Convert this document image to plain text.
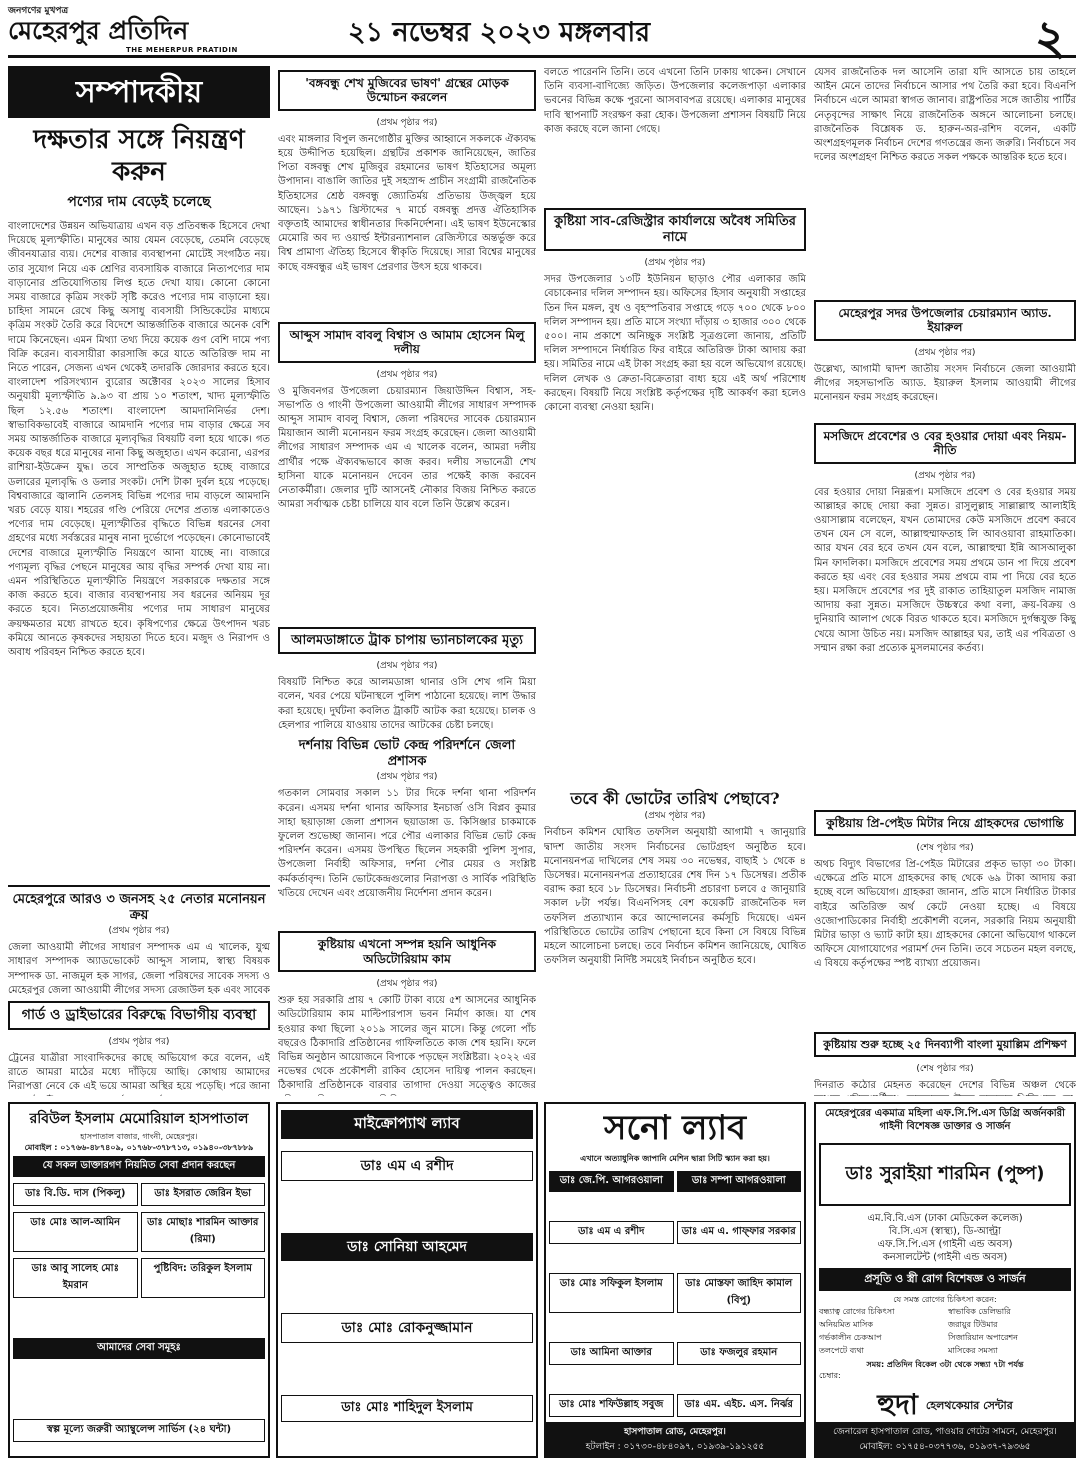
জনগণের মুখপত্র
মেহেরপুর প্রতিদিন
THE MEHERPUR PRATIDIN
২১ নভেম্বর ২০২৩ মঙ্গলবার	২
সম্পাদকীয়
দক্ষতার সঙ্গে নিয়ন্ত্রণ করুন
পণ্যের দাম বেড়েই চলেছে
বাংলাদেশের উন্নয়ন অভিযাত্রায় এখন বড় প্রতিবন্ধক হিসেবে দেখা দিয়েছে মূল্যস্ফীতি। মানুষের আয় যেমন বেড়েছে, তেমনি বেড়েছে জীবনযাত্রার ব্যয়। দেশের বাজার ব্যবস্থাপনা মোটেই সংগঠিত নয়। তার সুযোগ নিয়ে এক শ্রেণির ব্যবসায়িক বাজারে নিত্যপণ্যের দাম বাড়ানোর প্রতিযোগিতায় লিপ্ত হতে দেখা যায়। কোনো কোনো সময় বাজারে কৃত্রিম সংকট সৃষ্টি করেও পণ্যের দাম বাড়ানো হয়। চাহিদা সামনে রেখে কিছু অসাধু ব্যবসায়ী সিন্ডিকেটের মাধ্যমে কৃত্রিম সংকট তৈরি করে বিদেশে আন্তর্জাতিক বাজারে অনেক বেশি দামে কিনেছেন। এমন মিথ্যা তথ্য দিয়ে কয়েক গুণ বেশি দামে পণ্য বিক্রি করেন। ব্যবসায়ীরা কারসাজি করে যাতে অতিরিক্ত দাম না নিতে পারেন, সেজন্য এখন থেকেই তদারকি জোরদার করতে হবে। বাংলাদেশ পরিসংখ্যান ব্যুরোর অক্টোবর ২০২৩ সালের হিসাব অনুযায়ী মূল্যস্ফীতি ৯.৯৩ বা প্রায় ১০ শতাংশ, খাদ্য মূল্যস্ফীতি ছিল ১২.৫৬ শতাংশ। বাংলাদেশ আমদানিনির্ভর দেশ। স্বাভাবিকভাবেই বাজারে আমদানি পণ্যের দাম বাড়ার ক্ষেত্রে সব সময় আন্তর্জাতিক বাজারে মূল্যবৃদ্ধির বিষয়টি বলা হয়ে থাকে। গত কয়েক বছর ধরে মানুষের নানা কিছু অজুহাত। এখন করোনা, এরপর রাশিয়া-ইউক্রেন যুদ্ধ। তবে সাম্প্রতিক অজুহাত হচ্ছে বাজারে ডলারের মূল্যবৃদ্ধি ও ডলার সংকট। দেশি টাকা দুর্বল হয়ে পড়েছে। বিশ্ববাজারে জ্বালানি তেলসহ বিভিন্ন পণ্যের দাম বাড়লে আমদানি খরচ বেড়ে যায়। শহরের গণ্ডি পেরিয়ে দেশের প্রত্যন্ত এলাকাতেও পণ্যের দাম বেড়েছে। মূল্যস্ফীতির বৃদ্ধিতে বিভিন্ন ধরনের সেবা গ্রহণের মধ্যে সর্বস্তরের মানুষ নানা দুর্ভোগে পড়েছেন। কোনোভাবেই দেশের বাজারে মূল্যস্ফীতি নিয়ন্ত্রণে আনা যাচ্ছে না। বাজারে পণ্যমূল্য বৃদ্ধির পেছনে মানুষের আয় বৃদ্ধির সম্পর্ক দেখা যায় না। এমন পরিস্থিতিতে মূল্যস্ফীতি নিয়ন্ত্রণে সরকারকে দক্ষতার সঙ্গে কাজ করতে হবে। বাজার ব্যবস্থাপনায় সব ধরনের অনিয়ম দূর করতে হবে। নিত্যপ্রয়োজনীয় পণ্যের দাম সাধারণ মানুষের ক্রয়ক্ষমতার মধ্যে রাখতে হবে। কৃষিপণ্যের ক্ষেত্রে উৎপাদন খরচ কমিয়ে আনতে কৃষকদের সহায়তা দিতে হবে। মজুদ ও নিরাপদ ও অবাধ পরিবহন নিশ্চিত করতে হবে।
মেহেরপুরে আরও ৩ জনসহ ২৫ নেতার মনোনয়ন ক্রয়
(প্রথম পৃষ্ঠার পর)
জেলা আওয়ামী লীগের সাধারণ সম্পাদক এম এ খালেক, যুগ্ম সাধারণ সম্পাদক অ্যাডভোকেট আব্দুস সালাম, স্বাস্থ্য বিষয়ক সম্পাদক ডা. নাজমুল হক সাগর, জেলা পরিষদের সাবেক সদস্য ও মেহেরপুর জেলা আওয়ামী লীগের সদস্য রেজাউল হক এবং সাবেক
গার্ড ও ড্রাইভারের বিরুদ্ধে বিভাগীয় ব্যবস্থা
(প্রথম পৃষ্ঠার পর)
ট্রেনের যাত্রীরা সাংবাদিকদের কাছে অভিযোগ করে বলেন, এই রাতে আমরা মাঠের মধ্যে দাঁড়িয়ে আছি। কোথায় আমাদের নিরাপত্তা নেবে কে এই ভয়ে আমরা অস্থির হয়ে পড়েছি। পরে জানা
'বঙ্গবন্ধু শেখ মুজিবের ভাষণ' গ্রন্থের মোড়ক উন্মোচন করলেন
(প্রথম পৃষ্ঠার পর)
এবং মাঙ্গলার বিপুল জনগোষ্ঠীর মুক্তির আহ্বানে সকলকে ঐক্যবদ্ধ হয়ে উদ্দীপিত হয়েছিল। গ্রন্থটির প্রকাশক জানিয়েছেন, জাতির পিতা বঙ্গবন্ধু শেখ মুজিবুর রহমানের ভাষণ ইতিহাসের অমূল্য উপাদান। বাঙালি জাতির দুই সহস্রাব্দ প্রাচীন সংগ্রামী রাজনৈতিক ইতিহাসের শ্রেষ্ঠ বঙ্গবন্ধু জ্যোতির্ময় প্রতিভায় উজ্জ্বল হয়ে আছেন। ১৯৭১ খ্রিস্টাব্দের ৭ মার্চে বঙ্গবন্ধু প্রদত্ত ঐতিহাসিক বক্তৃতাই আমাদের স্বাধীনতার দিকনির্দেশনা। এই ভাষণ ইউনেস্কোর মেমোরি অব দ্য ওয়ার্ল্ড ইন্টারন্যাশনাল রেজিস্টারে অন্তর্ভুক্ত করে বিশ্ব প্রামাণ্য ঐতিহ্য হিসেবে স্বীকৃতি দিয়েছে। সারা বিশ্বের মানুষের কাছে বঙ্গবন্ধুর এই ভাষণ প্রেরণার উৎস হয়ে থাকবে।
আব্দুস সামাদ বাবলু বিশ্বাস ও আমাম হোসেন মিলু দলীয়
(প্রথম পৃষ্ঠার পর)
ও মুজিবনগর উপজেলা চেয়ারম্যান জিয়াউদ্দিন বিশ্বাস, সহ-সভাপতি ও গাংনী উপজেলা আওয়ামী লীগের সাধারণ সম্পাদক আব্দুস সামাদ বাবলু বিশ্বাস, জেলা পরিষদের সাবেক চেয়ারম্যান মিয়াজান আলী মনোনয়ন ফরম সংগ্রহ করেছেন। জেলা আওয়ামী লীগের সাধারণ সম্পাদক এম এ খালেক বলেন, আমরা দলীয় প্রার্থীর পক্ষে ঐক্যবদ্ধভাবে কাজ করব। দলীয় সভানেত্রী শেখ হাসিনা যাকে মনোনয়ন দেবেন তার পক্ষেই কাজ করবেন নেতাকর্মীরা। জেলার দুটি আসনেই নৌকার বিজয় নিশ্চিত করতে আমরা সর্বাত্মক চেষ্টা চালিয়ে যাব বলে তিনি উল্লেখ করেন।
আলমডাঙ্গাতে ট্রাক চাপায় ভ্যানচালকের মৃত্যু
(প্রথম পৃষ্ঠার পর)
বিষয়টি নিশ্চিত করে আলমডাঙ্গা থানার ওসি শেখ গনি মিয়া বলেন, খবর পেয়ে ঘটনাস্থলে পুলিশ পাঠানো হয়েছে। লাশ উদ্ধার করা হয়েছে। দুর্ঘটনা কবলিত ট্রাকটি আটক করা হয়েছে। চালক ও হেলপার পালিয়ে যাওয়ায় তাদের আটকের চেষ্টা চলছে।
দর্শনায় বিভিন্ন ভোট কেন্দ্র পরিদর্শনে জেলা প্রশাসক
(প্রথম পৃষ্ঠার পর)
গতকাল সোমবার সকাল ১১ টার দিকে দর্শনা থানা পরিদর্শন করেন। এসময় দর্শনা থানার অফিসার ইনচার্জ ওসি বিপ্লব কুমার সাহা ছয়াড়াঙ্গা জেলা প্রশাসন ছয়াডাঙ্গা ড. কিসিঞ্জার চাকমাকে ফুলেল শুভেচ্ছা জানান। পরে পৌর এলাকার বিভিন্ন ভোট কেন্দ্র পরিদর্শন করেন। এসময় উপস্থিত ছিলেন সহকারী পুলিশ সুপার, উপজেলা নির্বাহী অফিসার, দর্শনা পৌর মেয়র ও সংশ্লিষ্ট কর্মকর্তাবৃন্দ। তিনি ভোটকেন্দ্রগুলোর নিরাপত্তা ও সার্বিক পরিস্থিতি খতিয়ে দেখেন এবং প্রয়োজনীয় নির্দেশনা প্রদান করেন।
কুষ্টিয়ায় এখনো সম্পন্ন হয়নি আধুনিক অডিটোরিয়াম কাম
(প্রথম পৃষ্ঠার পর)
শুরু হয় সরকারি প্রায় ৭ কোটি টাকা ব্যয়ে ৫শ আসনের আধুনিক অডিটোরিয়াম কাম মাল্টিপারপাস ভবন নির্মাণ কাজ। যা শেষ হওয়ার কথা ছিলো ২০১৯ সালের জুন মাসে। কিন্তু গেলো পাঁচ বছরেও ঠিকাদারি প্রতিষ্ঠানের গাফিলতিতে কাজ শেষ হয়নি। ফলে বিভিন্ন অনুষ্ঠান আয়োজনে বিপাকে পড়ছেন সংশ্লিষ্টরা। ২০২২ এর নভেম্বর থেকে প্রকৌশলী রাকিব হোসেন দায়িত্ব পালন করছেন। ঠিকাদারি প্রতিষ্ঠানকে বারবার তাগাদা দেওয়া সত্ত্বেও কাজের
বলতে পারেননি তিনি। তবে এখনো তিনি ঢাকায় থাকেন। সেখানে তিনি ব্যবসা-বাণিজ্যে জড়িত। উপজেলার কলেজপাড়া এলাকার ভবনের বিভিন্ন কক্ষে পুরনো আসবাবপত্র রয়েছে। এলাকার মানুষের দাবি স্থাপনাটি সংরক্ষণ করা হোক। উপজেলা প্রশাসন বিষয়টি নিয়ে কাজ করছে বলে জানা গেছে।
কুষ্টিয়া সাব-রেজিস্ট্রার কার্যালয়ে অবৈধ সমিতির নামে
(প্রথম পৃষ্ঠার পর)
সদর উপজেলার ১৩টি ইউনিয়ন ছাড়াও পৌর এলাকার জমি বেচাকেনার দলিল সম্পাদন হয়। অফিসের হিসাব অনুযায়ী সপ্তাহের তিন দিন মঙ্গল, বুধ ও বৃহস্পতিবার সপ্তাহে গড়ে ৭০০ থেকে ৮০০ দলিল সম্পাদন হয়। প্রতি মাসে সংখ্যা দাঁড়ায় ৩ হাজার ৩০০ থেকে ৫০০। নাম প্রকাশে অনিচ্ছুক সংশ্লিষ্ট সূত্রগুলো জানায়, প্রতিটি দলিল সম্পাদনে নির্ধারিত ফির বাইরে অতিরিক্ত টাকা আদায় করা হয়। সমিতির নামে এই টাকা সংগ্রহ করা হয় বলে অভিযোগ রয়েছে। দলিল লেখক ও ক্রেতা-বিক্রেতারা বাধ্য হয়ে এই অর্থ পরিশোধ করছেন। বিষয়টি নিয়ে সংশ্লিষ্ট কর্তৃপক্ষের দৃষ্টি আকর্ষণ করা হলেও কোনো ব্যবস্থা নেওয়া হয়নি।
তবে কী ভোটের তারিখ পেছাবে?
(প্রথম পৃষ্ঠার পর)
নির্বাচন কমিশন ঘোষিত তফসিল অনুযায়ী আগামী ৭ জানুয়ারি দ্বাদশ জাতীয় সংসদ নির্বাচনের ভোটগ্রহণ অনুষ্ঠিত হবে। মনোনয়নপত্র দাখিলের শেষ সময় ৩০ নভেম্বর, বাছাই ১ থেকে ৪ ডিসেম্বর। মনোনয়নপত্র প্রত্যাহারের শেষ দিন ১৭ ডিসেম্বর। প্রতীক বরাদ্দ করা হবে ১৮ ডিসেম্বর। নির্বাচনী প্রচারণা চলবে ৫ জানুয়ারি সকাল ৮টা পর্যন্ত। বিএনপিসহ বেশ কয়েকটি রাজনৈতিক দল তফসিল প্রত্যাখ্যান করে আন্দোলনের কর্মসূচি দিয়েছে। এমন পরিস্থিতিতে ভোটের তারিখ পেছানো হবে কিনা সে বিষয়ে বিভিন্ন মহলে আলোচনা চলছে। তবে নির্বাচন কমিশন জানিয়েছে, ঘোষিত তফসিল অনুযায়ী নির্দিষ্ট সময়েই নির্বাচন অনুষ্ঠিত হবে।
যেসব রাজনৈতিক দল আসেনি তারা যদি আসতে চায় তাহলে আইন মেনে তাদের নির্বাচনে আসার পথ তৈরি করা হবে। বিএনপি নির্বাচনে এলে আমরা স্বাগত জানাব। রাষ্ট্রপতির সঙ্গে জাতীয় পার্টির নেতৃবৃন্দের সাক্ষাৎ নিয়ে রাজনৈতিক অঙ্গনে আলোচনা চলছে। রাজনৈতিক বিশ্লেষক ড. হারুন-অর-রশিদ বলেন, একটি অংশগ্রহণমূলক নির্বাচন দেশের গণতন্ত্রের জন্য জরুরি। নির্বাচনে সব দলের অংশগ্রহণ নিশ্চিত করতে সকল পক্ষকে আন্তরিক হতে হবে।
মেহেরপুর সদর উপজেলার চেয়ারম্যান অ্যাড. ইয়ারুল
(প্রথম পৃষ্ঠার পর)
উল্লেখ্য, আগামী দ্বাদশ জাতীয় সংসদ নির্বাচনে জেলা আওয়ামী লীগের সহসভাপতি অ্যাড. ইয়ারুল ইসলাম আওয়ামী লীগের মনোনয়ন ফরম সংগ্রহ করেছেন।
মসজিদে প্রবেশের ও বের হওয়ার দোয়া এবং নিয়ম-নীতি
(প্রথম পৃষ্ঠার পর)
বের হওয়ার দোয়া নিম্নরূপ। মসজিদে প্রবেশ ও বের হওয়ার সময় আল্লাহর কাছে দোয়া করা সুন্নত। রাসুলুল্লাহ সাল্লাল্লাহু আলাইহি ওয়াসাল্লাম বলেছেন, যখন তোমাদের কেউ মসজিদে প্রবেশ করবে তখন যেন সে বলে, আল্লাহুম্মাফতাহ লি আবওয়াবা রাহমাতিকা। আর যখন বের হবে তখন যেন বলে, আল্লাহুম্মা ইন্নি আসআলুকা মিন ফাদলিকা। মসজিদে প্রবেশের সময় প্রথমে ডান পা দিয়ে প্রবেশ করতে হয় এবং বের হওয়ার সময় প্রথমে বাম পা দিয়ে বের হতে হয়। মসজিদে প্রবেশের পর দুই রাকাত তাহিয়াতুল মসজিদ নামাজ আদায় করা সুন্নত। মসজিদে উচ্চস্বরে কথা বলা, ক্রয়-বিক্রয় ও দুনিয়াবি আলাপ থেকে বিরত থাকতে হবে। মসজিদে দুর্গন্ধযুক্ত কিছু খেয়ে আসা উচিত নয়। মসজিদ আল্লাহর ঘর, তাই এর পবিত্রতা ও সম্মান রক্ষা করা প্রত্যেক মুসলমানের কর্তব্য।
কুষ্টিয়ায় প্রি-পেইড মিটার নিয়ে গ্রাহকদের ভোগান্তি
(শেষ পৃষ্ঠার পর)
অথচ বিদ্যুৎ বিভাগের প্রি-পেইড মিটারের প্রকৃত ভাড়া ৩০ টাকা। এক্ষেত্রে প্রতি মাসে গ্রাহকদের কাছ থেকে ৬৯ টাকা আদায় করা হচ্ছে বলে অভিযোগ। গ্রাহকরা জানান, প্রতি মাসে নির্ধারিত টাকার বাইরে অতিরিক্ত অর্থ কেটে নেওয়া হচ্ছে। এ বিষয়ে ওজোপাডিকোর নির্বাহী প্রকৌশলী বলেন, সরকারি নিয়ম অনুযায়ী মিটার ভাড়া ও ভ্যাট কাটা হয়। গ্রাহকদের কোনো অভিযোগ থাকলে অফিসে যোগাযোগের পরামর্শ দেন তিনি। তবে সচেতন মহল বলছে, এ বিষয়ে কর্তৃপক্ষের স্পষ্ট ব্যাখ্যা প্রয়োজন।
কুষ্টিয়ায় শুরু হচ্ছে ২৫ দিনব্যাপী বাংলা মুয়াল্লিম প্রশিক্ষণ
(শেষ পৃষ্ঠার পর)
দিনরাত কঠোর মেহনত করেছেন দেশের বিভিন্ন অঞ্চল থেকে
রবিউল ইসলাম মেমোরিয়াল হাসপাতাল
হাসপাতাল বাজার, গাংনী, মেহেরপুর।
মোবাইল : ০১৭৬৬-৪৮৭৪০৯, ০১৭৬৮-৩৭৮৭১৩, ০১৯৪০-৩৮৭৮৮৯
যে সকল ডাক্তারগণ নিয়মিত সেবা প্রদান করছেন
ডাঃ বি.ডি. দাস (পিকলু)	ডাঃ ইসরাত জেরিন ইভা
ডাঃ মোঃ আল-আমিন	ডাঃ মোছাঃ শারমিন আক্তার (রিমা)
ডাঃ আবু সালেহ মোঃ ইমরান
পুষ্টিবিদ: তরিকুল ইসলাম
আমাদের সেবা সমূহঃ
স্বল্প মূল্যে জরুরী অ্যাম্বুলেন্স সার্ভিস (২৪ ঘন্টা)
মাইক্রোপ্যাথ ল্যাব
ডাঃ এম এ রশীদ
ডাঃ সোনিয়া আহমেদ
ডাঃ মোঃ রোকনুজ্জামান
ডাঃ মোঃ শাহিদুল ইসলাম
সনো ল্যাব
এখানে অত্যাধুনিক জাপানি মেশিন দ্বারা সিটি স্ক্যান করা হয়।
ডাঃ জে.পি. আগরওয়ালা	ডাঃ সম্পা আগরওয়ালা
ডাঃ এম এ রশীদ	ডাঃ এম এ. গাফ্ফার সরকার
ডাঃ মোঃ সফিকুল ইসলাম	ডাঃ মোস্তফা জাহিদ কামাল (বিপু)
ডাঃ আমিনা আক্তার	ডাঃ ফজলুর রহমান
ডাঃ মোঃ শফিউল্লাহ সবুজ	ডাঃ এম. এইচ. এস. নির্ঝর
হাসপাতাল রোড, মেহেরপুর।
হটলাইন : ০১৭৩০-৪৮৪০৯৭, ০১৯৩৯-১৯১২৫৫
মেহেরপুরের একমাত্র মহিলা এফ.সি.পি.এস ডিগ্রি অর্জনকারী গাইনী বিশেষজ্ঞ ডাক্তার ও সার্জন
ডাঃ সুরাইয়া শারমিন (পুষ্প)
এম.বি.বি.এস (ঢাকা মেডিকেল কলেজ)
বি.সি.এস (স্বাস্থ্য), ডি-আল্ট্রা
এফ.সি.পি.এস (গাইনী এন্ড অবস)
কনসালটেন্ট (গাইনী এন্ড অবস)
প্রসূতি ও স্ত্রী রোগ বিশেষজ্ঞ ও সার্জন
যে সমস্ত রোগের চিকিৎসা করেন:
বন্ধ্যাত্ব রোগের চিকিৎসা	স্বাভাবিক ডেলিভারি
অনিয়মিত মাসিক	জরায়ুর টিউমার
গর্ভকালীন চেকআপ	সিজারিয়ান অপারেশন
তলপেটে ব্যথা	মাসিকের সমস্যা
সময়: প্রতিদিন বিকেল ৩টা থেকে সন্ধ্যা ৭টা পর্যন্ত
চেম্বার:
হুদা হেলথকেয়ার সেন্টার
জেনারেল হাসপাতাল রোড, পাওয়ার গেটের সামনে, মেহেরপুর।
মোবাইল: ০১৭৫৪-০৩৭৭৩৬, ০১৯৩৭-৭৯৩৬৫
